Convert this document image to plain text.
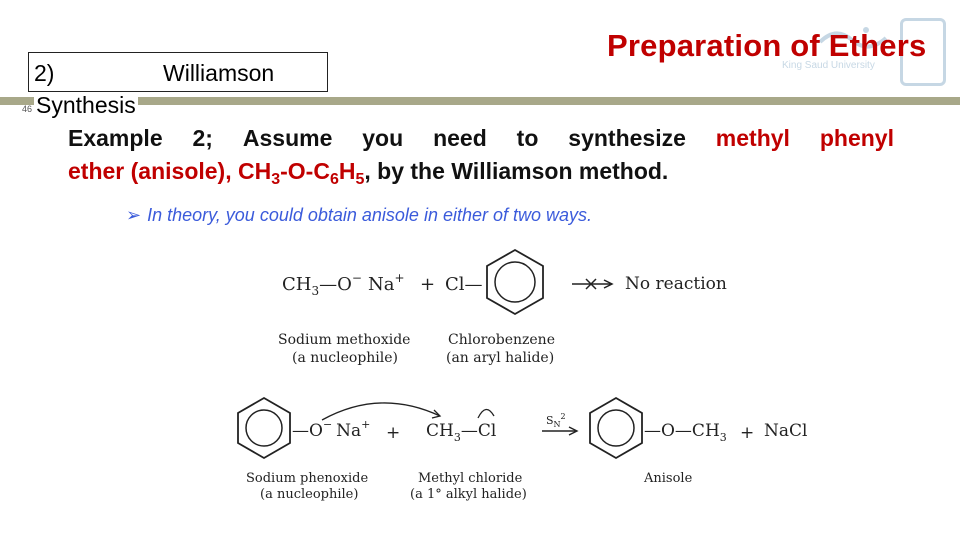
King Saud University
Preparation of Ethers
2)	Williamson
46 Synthesis
Example 2; Assume you need to synthesize methyl phenyl
ether (anisole), $CH_3-O-C_6H_5$, by the Williamson method.
➢ In theory, you could obtain anisole in either of two ways.
$CH_3—O^-$ Na+ + Cl—	No reaction
Sodium methoxide
(a nucleophile)
Chlorobenzene
(an aryl halide)
—O− $Na^+ + CH_3—Cl$
$S_N^2$
$—O—CH_3$ + NaCl
Sodium phenoxide
(a nucleophile)
Methyl chloride
(a 1° alkyl halide)
Anisole
